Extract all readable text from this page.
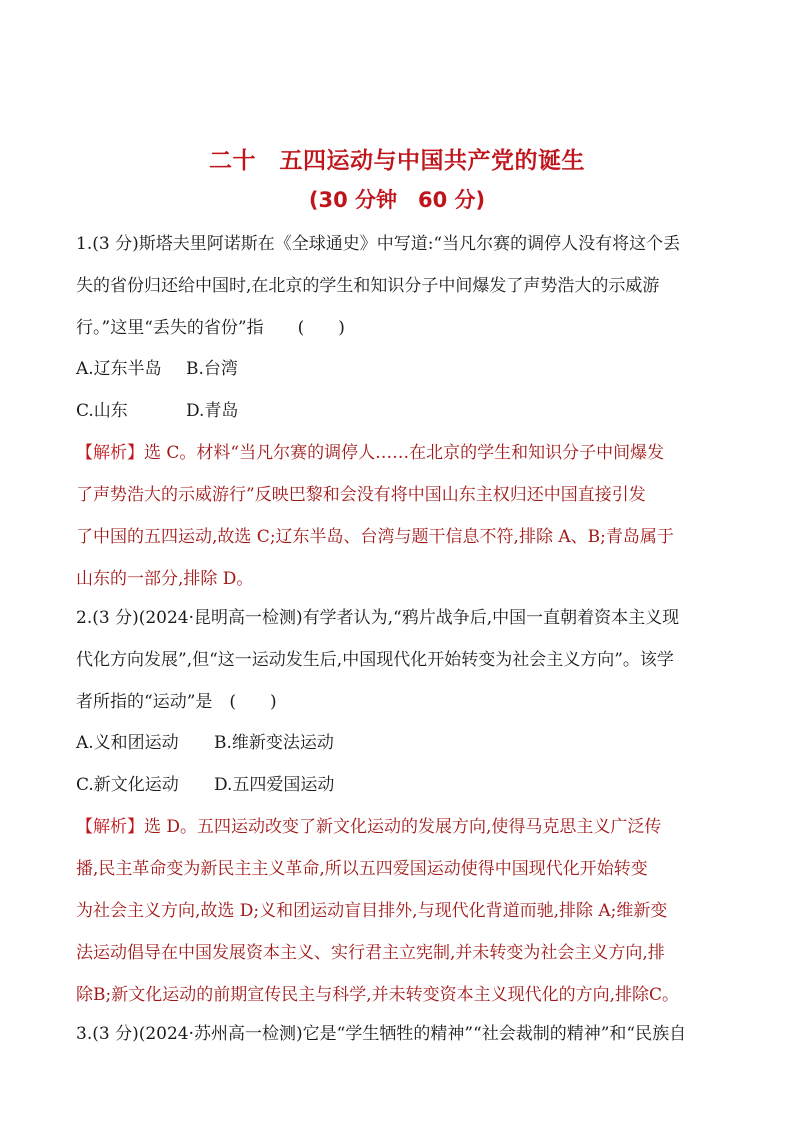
二十　五四运动与中国共产党的诞生
(30 分钟　60 分)
1.(3 分)斯塔夫里阿诺斯在《全球通史》中写道:“当凡尔赛的调停人没有将这个丢
失的省份归还给中国时,在北京的学生和知识分子中间爆发了声势浩大的示威游
行。”这里“丢失的省份”指　　(　　)
A.辽东半岛 B.台湾
C.山东	D.青岛
【解析】选 C。材料“当凡尔赛的调停人……在北京的学生和知识分子中间爆发
了声势浩大的示威游行”反映巴黎和会没有将中国山东主权归还中国直接引发
了中国的五四运动,故选 C;辽东半岛、台湾与题干信息不符,排除 A、B;青岛属于
山东的一部分,排除 D。
2.(3 分)(2024·昆明高一检测)有学者认为,“鸦片战争后,中国一直朝着资本主义现
代化方向发展”,但“这一运动发生后,中国现代化开始转变为社会主义方向”。该学
者所指的“运动”是　(　　)
A.义和团运动 B.维新变法运动
C.新文化运动 D.五四爱国运动
【解析】选 D。五四运动改变了新文化运动的发展方向,使得马克思主义广泛传
播,民主革命变为新民主主义革命,所以五四爱国运动使得中国现代化开始转变
为社会主义方向,故选 D;义和团运动盲目排外,与现代化背道而驰,排除 A;维新变
法运动倡导在中国发展资本主义、实行君主立宪制,并未转变为社会主义方向,排
除B;新文化运动的前期宣传民主与科学,并未转变资本主义现代化的方向,排除C。
3.(3 分)(2024·苏州高一检测)它是“学生牺牲的精神”“社会裁制的精神”和“民族自
